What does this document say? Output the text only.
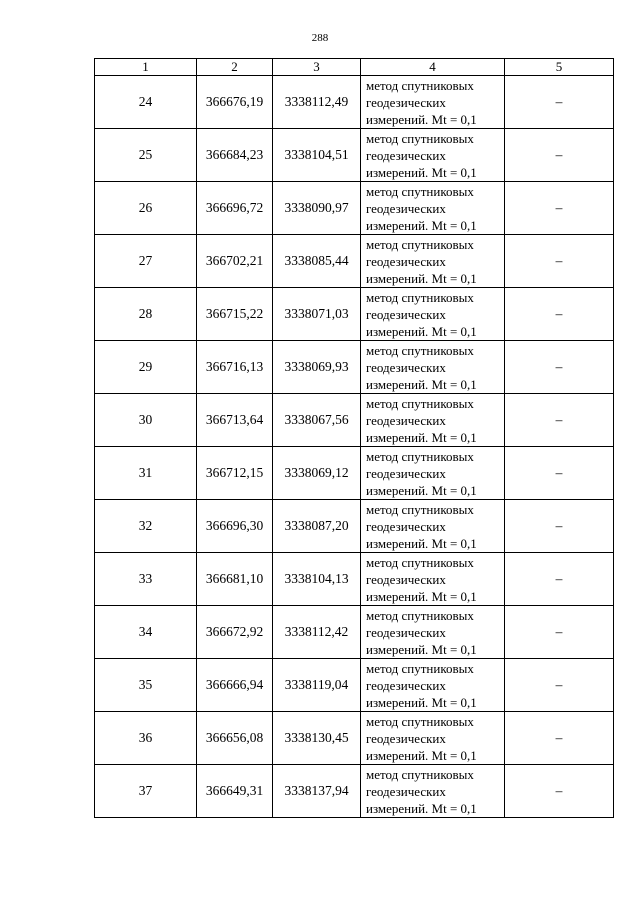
288
1	2	3	4	5
24	366676,19	3338112,49	метод спутниковых
геодезических
измерений. Mt = 0,1	–
25	366684,23	3338104,51	метод спутниковых
геодезических
измерений. Mt = 0,1	–
26	366696,72	3338090,97	метод спутниковых
геодезических
измерений. Mt = 0,1	–
27	366702,21	3338085,44	метод спутниковых
геодезических
измерений. Mt = 0,1	–
28	366715,22	3338071,03	метод спутниковых
геодезических
измерений. Mt = 0,1	–
29	366716,13	3338069,93	метод спутниковых
геодезических
измерений. Mt = 0,1	–
30	366713,64	3338067,56	метод спутниковых
геодезических
измерений. Mt = 0,1	–
31	366712,15	3338069,12	метод спутниковых
геодезических
измерений. Mt = 0,1	–
32	366696,30	3338087,20	метод спутниковых
геодезических
измерений. Mt = 0,1	–
33	366681,10	3338104,13	метод спутниковых
геодезических
измерений. Mt = 0,1	–
34	366672,92	3338112,42	метод спутниковых
геодезических
измерений. Mt = 0,1	–
35	366666,94	3338119,04	метод спутниковых
геодезических
измерений. Mt = 0,1	–
36	366656,08	3338130,45	метод спутниковых
геодезических
измерений. Mt = 0,1	–
37	366649,31	3338137,94	метод спутниковых
геодезических
измерений. Mt = 0,1	–
